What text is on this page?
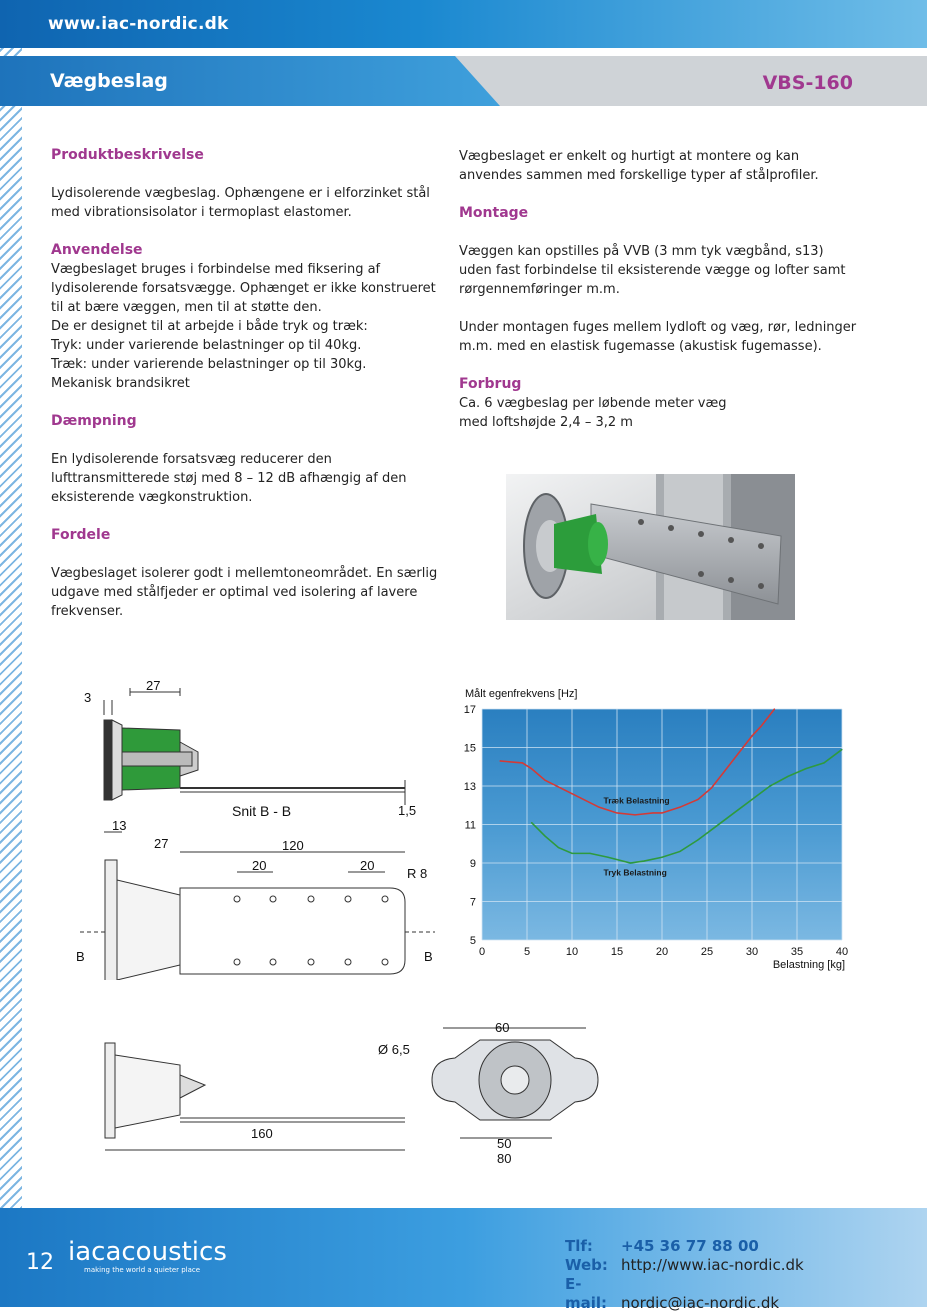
www.iac-nordic.dk
Vægbeslag	VBS-160
Produktbeskrivelse

Lydisolerende vægbeslag. Ophængene er i elforzinket stål

med vibrationsisolator i termoplast elastomer.

Anvendelse

Vægbeslaget bruges i forbindelse med fiksering af

lydisolerende forsatsvægge. Ophænget er ikke konstrueret

til at bære væggen, men til at støtte den.

De er designet til at arbejde i både tryk og træk:

Tryk: under varierende belastninger op til 40kg.

Træk: under varierende belastninger op til 30kg.

Mekanisk brandsikret

Dæmpning

En lydisolerende forsatsvæg reducerer den

lufttransmitterede støj med 8 – 12 dB afhængig af den

eksisterende vægkonstruktion.

Fordele

Vægbeslaget isolerer godt i mellemtoneområdet. En særlig

udgave med stålfjeder er optimal ved isolering af lavere

frekvenser.

Vægbeslaget er enkelt og hurtigt at montere og kan

anvendes sammen med forskellige typer af stålprofiler.

Montage

Væggen kan opstilles på VVB (3 mm tyk vægbånd, s13)

uden fast forbindelse til eksisterende vægge og lofter samt

rørgennemføringer m.m.

Under montagen fuges mellem lydloft og væg, rør, ledninger

m.m. med en elastisk fugemasse (akustisk fugemasse).

Forbrug

Ca. 6 vægbeslag per løbende meter væg

med loftshøjde 2,4 – 3,2 m

3
27
13
27	120
20	20
R 8
1,5
Snit B - B
B	B
Ø 6,5
60
50
80
160
0	5	10	15	20	25	30	35	40
5
7
9
11
13
15
17
Målt egenfrekvens [Hz]
Belastning [kg]
Træk Belastning
Tryk Belastning
12 iacacoustics
making the world a quieter place
Tlf: +45 36 77 88 00
Web: http://www.iac-nordic.dk
E-mail: nordic@iac-nordic.dk
